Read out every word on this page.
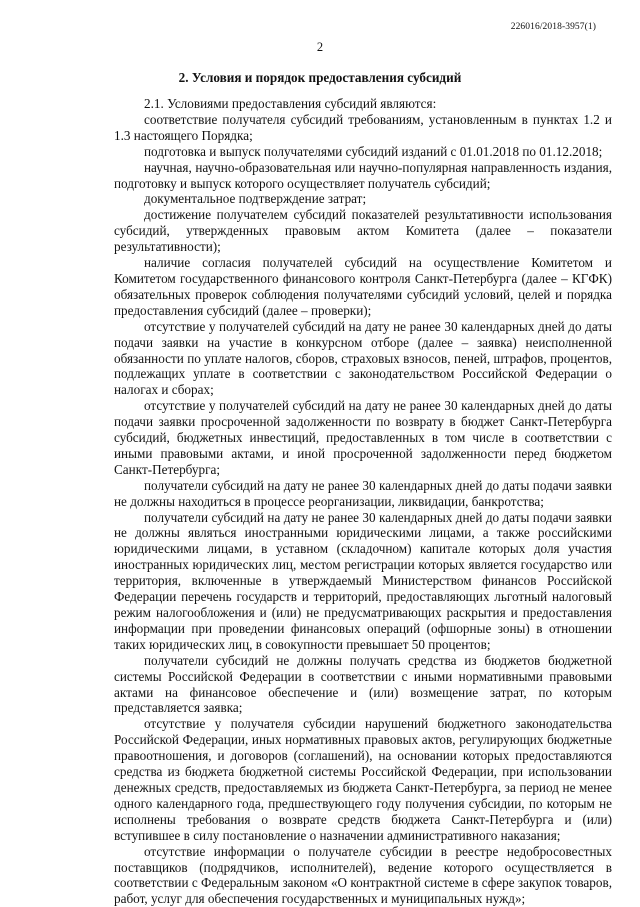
226016/2018-3957(1)
2
2. Условия и порядок предоставления субсидий

2.1. Условиями предоставления субсидий являются:

соответствие получателя субсидий требованиям, установленным в пунктах 1.2 и 1.3 настоящего Порядка;

подготовка и выпуск получателями субсидий изданий с 01.01.2018 по 01.12.2018;

научная, научно-образовательная или научно-популярная направленность издания, подготовку и выпуск которого осуществляет получатель субсидий;

документальное подтверждение затрат;

достижение получателем субсидий показателей результативности использования субсидий, утвержденных правовым актом Комитета (далее – показатели результативности);

наличие согласия получателей субсидий на осуществление Комитетом и Комитетом государственного финансового контроля Санкт-Петербурга (далее – КГФК) обязательных проверок соблюдения получателями субсидий условий, целей и порядка предоставления субсидий (далее – проверки);

отсутствие у получателей субсидий на дату не ранее 30 календарных дней до даты подачи заявки на участие в конкурсном отборе (далее – заявка) неисполненной обязанности по уплате налогов, сборов, страховых взносов, пеней, штрафов, процентов, подлежащих уплате в соответствии с законодательством Российской Федерации о налогах и сборах;

отсутствие у получателей субсидий на дату не ранее 30 календарных дней до даты подачи заявки просроченной задолженности по возврату в бюджет Санкт-Петербурга субсидий, бюджетных инвестиций, предоставленных в том числе в соответствии с иными правовыми актами, и иной просроченной задолженности перед бюджетом Санкт-Петербурга;

получатели субсидий на дату не ранее 30 календарных дней до даты подачи заявки не должны находиться в процессе реорганизации, ликвидации, банкротства;

получатели субсидий на дату не ранее 30 календарных дней до даты подачи заявки не должны являться иностранными юридическими лицами, а также российскими юридическими лицами, в уставном (складочном) капитале которых доля участия иностранных юридических лиц, местом регистрации которых является государство или территория, включенные в утверждаемый Министерством финансов Российской Федерации перечень государств и территорий, предоставляющих льготный налоговый режим налогообложения и (или) не предусматривающих раскрытия и предоставления информации при проведении финансовых операций (офшорные зоны) в отношении таких юридических лиц, в совокупности превышает 50 процентов;

получатели субсидий не должны получать средства из бюджетов бюджетной системы Российской Федерации в соответствии с иными нормативными правовыми актами на финансовое обеспечение и (или) возмещение затрат, по которым представляется заявка;

отсутствие у получателя субсидии нарушений бюджетного законодательства Российской Федерации, иных нормативных правовых актов, регулирующих бюджетные правоотношения, и договоров (соглашений), на основании которых предоставляются средства из бюджета бюджетной системы Российской Федерации, при использовании денежных средств, предоставляемых из бюджета Санкт-Петербурга, за период не менее одного календарного года, предшествующего году получения субсидии, по которым не исполнены требования о возврате средств бюджета Санкт-Петербурга и (или) вступившее в силу постановление о назначении административного наказания;

отсутствие информации о получателе субсидии в реестре недобросовестных поставщиков (подрядчиков, исполнителей), ведение которого осуществляется в соответствии с Федеральным законом «О контрактной системе в сфере закупок товаров, работ, услуг для обеспечения государственных и муниципальных нужд»;
